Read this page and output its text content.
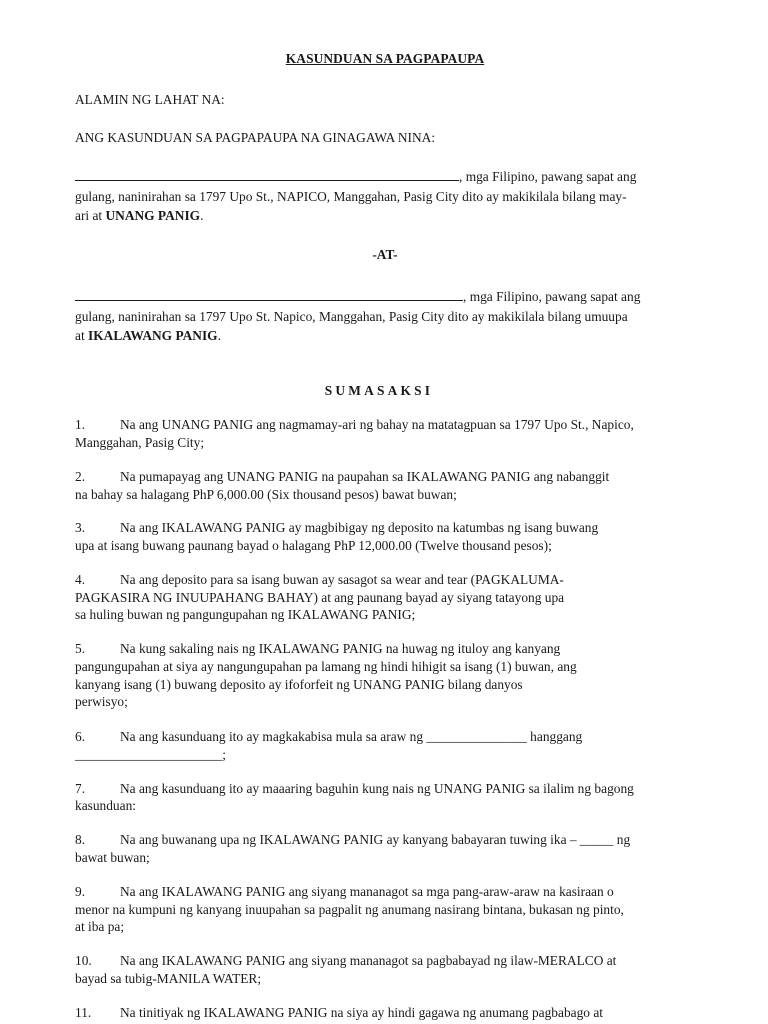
KASUNDUAN SA PAGPAPAUPA
ALAMIN NG LAHAT NA:
ANG KASUNDUAN SA PAGPAPAUPA NA GINAGAWA NINA:
, mga Filipino, pawang sapat ang
gulang, naninirahan sa 1797 Upo St., NAPICO, Manggahan, Pasig City dito ay makikilala bilang may-
ari at UNANG PANIG.
-AT-
, mga Filipino, pawang sapat ang
gulang, naninirahan sa 1797 Upo St. Napico, Manggahan, Pasig City dito ay makikilala bilang umuupa
at IKALAWANG PANIG.
SUMASAKSI
1.	Na ang UNANG PANIG ang nagmamay-ari ng bahay na matatagpuan sa 1797 Upo St., Napico,
Manggahan, Pasig City;
2.	Na pumapayag ang UNANG PANIG na paupahan sa IKALAWANG PANIG ang nabanggit
na bahay sa halagang PhP 6,000.00 (Six thousand pesos) bawat buwan;
3.	Na ang IKALAWANG PANIG ay magbibigay ng deposito na katumbas ng isang buwang
upa at isang buwang paunang bayad o halagang PhP 12,000.00 (Twelve thousand pesos);
4.	Na ang deposito para sa isang buwan ay sasagot sa wear and tear (PAGKALUMA-
PAGKASIRA NG INUUPAHANG BAHAY) at ang paunang bayad ay siyang tatayong upa
sa huling buwan ng pangungupahan ng IKALAWANG PANIG;
5.	Na kung sakaling nais ng IKALAWANG PANIG na huwag ng ituloy ang kanyang
pangungupahan at siya ay nangungupahan pa lamang ng hindi hihigit sa isang (1) buwan, ang
kanyang isang (1) buwang deposito ay ifoforfeit ng UNANG PANIG bilang danyos
perwisyo;
6.	Na ang kasunduang ito ay magkakabisa mula sa araw ng _______________ hanggang
______________________;
7.	Na ang kasunduang ito ay maaaring baguhin kung nais ng UNANG PANIG sa ilalim ng bagong
kasunduan:
8.	Na ang buwanang upa ng IKALAWANG PANIG ay kanyang babayaran tuwing ika – _____ ng
bawat buwan;
9.	Na ang IKALAWANG PANIG ang siyang mananagot sa mga pang-araw-araw na kasiraan o
menor na kumpuni ng kanyang inuupahan sa pagpalit ng anumang nasirang bintana, bukasan ng pinto,
at iba pa;
10. Na ang IKALAWANG PANIG ang siyang mananagot sa pagbabayad ng ilaw-MERALCO at
bayad sa tubig-MANILA WATER;
11. Na tinitiyak ng IKALAWANG PANIG na siya ay hindi gagawa ng anumang pagbabago at
